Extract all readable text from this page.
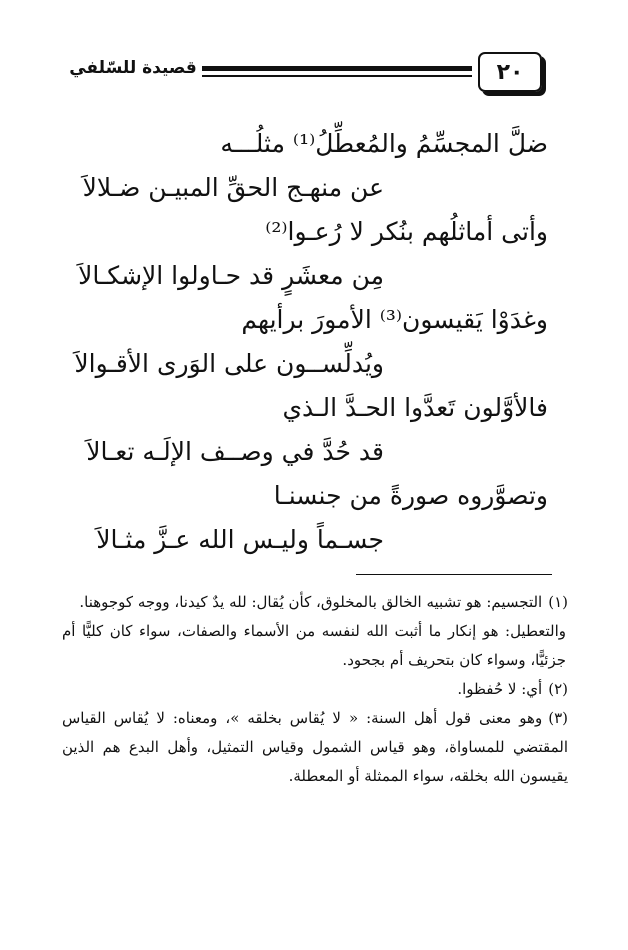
قصيدة للسّلفي	٢٠
ضلَّ المجسِّمُ والمُعطِّلُ⁽¹⁾ مثلُـــه
عن منهـج الحقِّ المبيـن ضـلالاَ
وأتى أماثلُهم بنُكر لا رُعـوا⁽²⁾
مِن معشَرٍ قد حـاولوا الإشكـالاَ
وغدَوْا يَقيسون⁽³⁾ الأمورَ برأيهم
ويُدلِّســون على الوَرى الأقـوالاَ
فالأوَّلون تَعدَّوا الحـدَّ الـذي
قد حُدَّ في وصــف الإلَـه تعـالاَ
وتصوَّروه صورةً من جنسنـا
جسـماً وليـس الله عـزَّ مثـالاَ

(١)التجسيم: هو تشبيه الخالق بالمخلوق، كأن يُقال: لله يدٌ كيدنا، ووجه كوجوهنا.

والتعطيل: هو إنكار ما أثبت الله لنفسه من الأسماء والصفات، سواء كان كليًّا أم جزئيًّا، وسواء كان بتحريف أم بجحود.

(٢)أي: لا حُفظوا.

(٣)وهو معنى قول أهل السنة: « لا يُقاس بخلقه »، ومعناه: لا يُقاس القياس المقتضي للمساواة، وهو قياس الشمول وقياس التمثيل، وأهل البدع هم الذين يقيسون الله بخلقه، سواء الممثلة أو المعطلة.
